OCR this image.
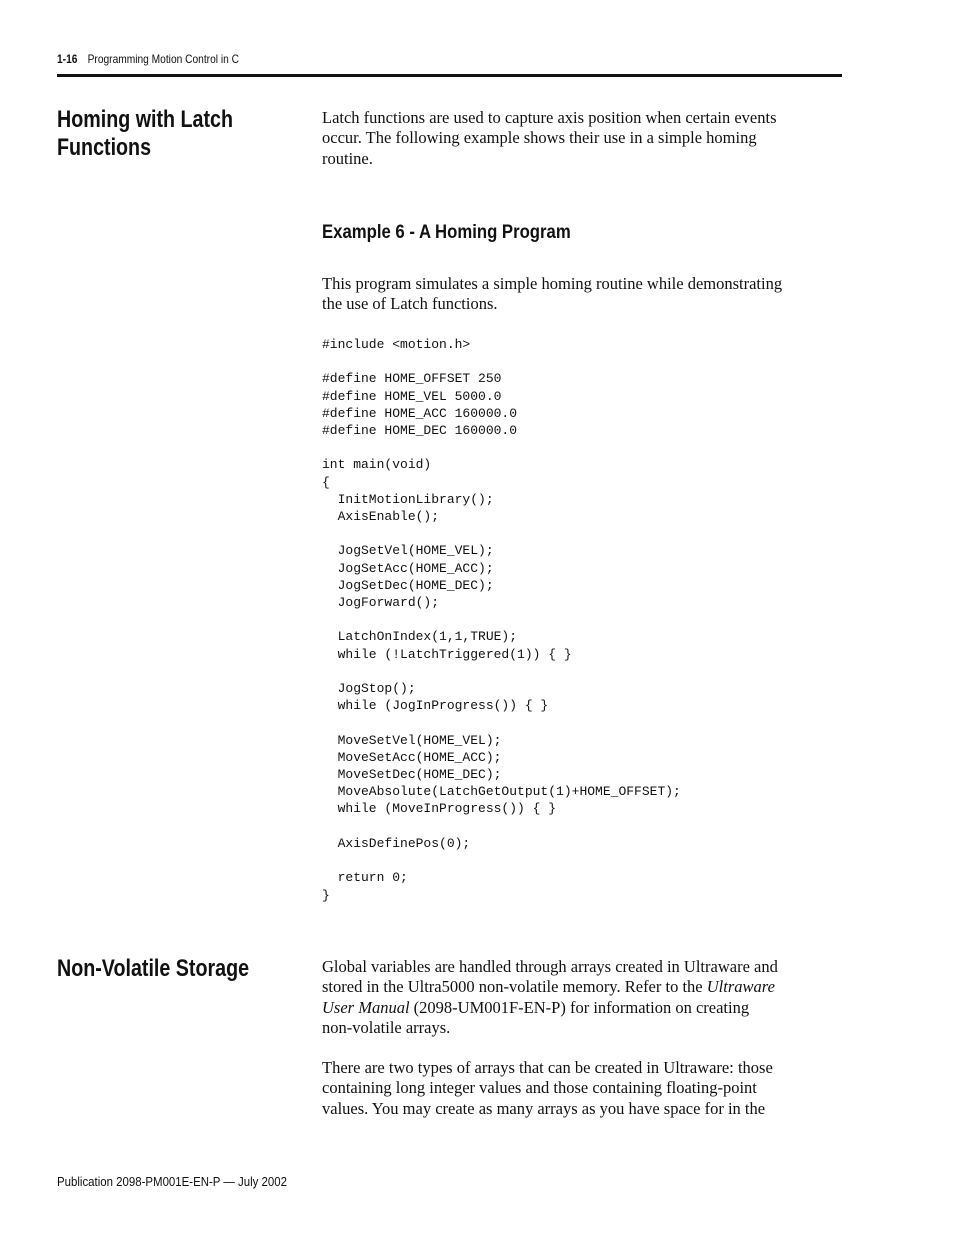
1-16 Programming Motion Control in C
Homing with Latch
Functions
Latch functions are used to capture axis position when certain events
occur. The following example shows their use in a simple homing
routine.
Example 6 - A Homing Program
This program simulates a simple homing routine while demonstrating
the use of Latch functions.
#include <motion.h>

#define HOME_OFFSET 250
#define HOME_VEL 5000.0
#define HOME_ACC 160000.0
#define HOME_DEC 160000.0

int main(void)
{
InitMotionLibrary();
AxisEnable();

JogSetVel(HOME_VEL);
JogSetAcc(HOME_ACC);
JogSetDec(HOME_DEC);
JogForward();

LatchOnIndex(1,1,TRUE);
while (!LatchTriggered(1)) { }

JogStop();
while (JogInProgress()) { }

MoveSetVel(HOME_VEL);
MoveSetAcc(HOME_ACC);
MoveSetDec(HOME_DEC);
MoveAbsolute(LatchGetOutput(1)+HOME_OFFSET);
while (MoveInProgress()) { }

AxisDefinePos(0);

return 0;
}
Non-Volatile Storage	Global variables are handled through arrays created in Ultraware and
stored in the Ultra5000 non-volatile memory. Refer to the Ultraware
User Manual (2098-UM001F-EN-P) for information on creating
non-volatile arrays.
There are two types of arrays that can be created in Ultraware: those
containing long integer values and those containing floating-point
values. You may create as many arrays as you have space for in the
Publication 2098-PM001E-EN-P — July 2002
